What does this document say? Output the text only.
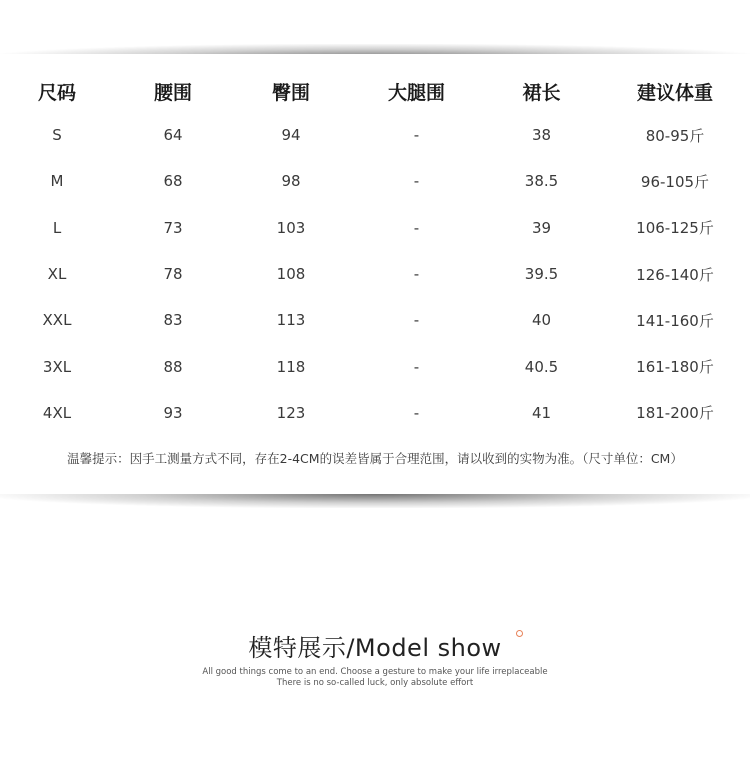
尺码	腰围	臀围	大腿围	裙长	建议体重
S	64	94	-	38	80-95斤
M	68	98	-	38.5	96-105斤
L	73	103	-	39	106-125斤
XL	78	108	-	39.5	126-140斤
XXL	83	113	-	40	141-160斤
3XL	88	118	-	40.5	161-180斤
4XL	93	123	-	41	181-200斤
温馨提示：因手工测量方式不同，存在2-4CM的误差皆属于合理范围，请以收到的实物为准。（尺寸单位：CM）
模特展示/Model show
All good things come to an end. Choose a gesture to make your life irreplaceable
There is no so-called luck, only absolute effort
